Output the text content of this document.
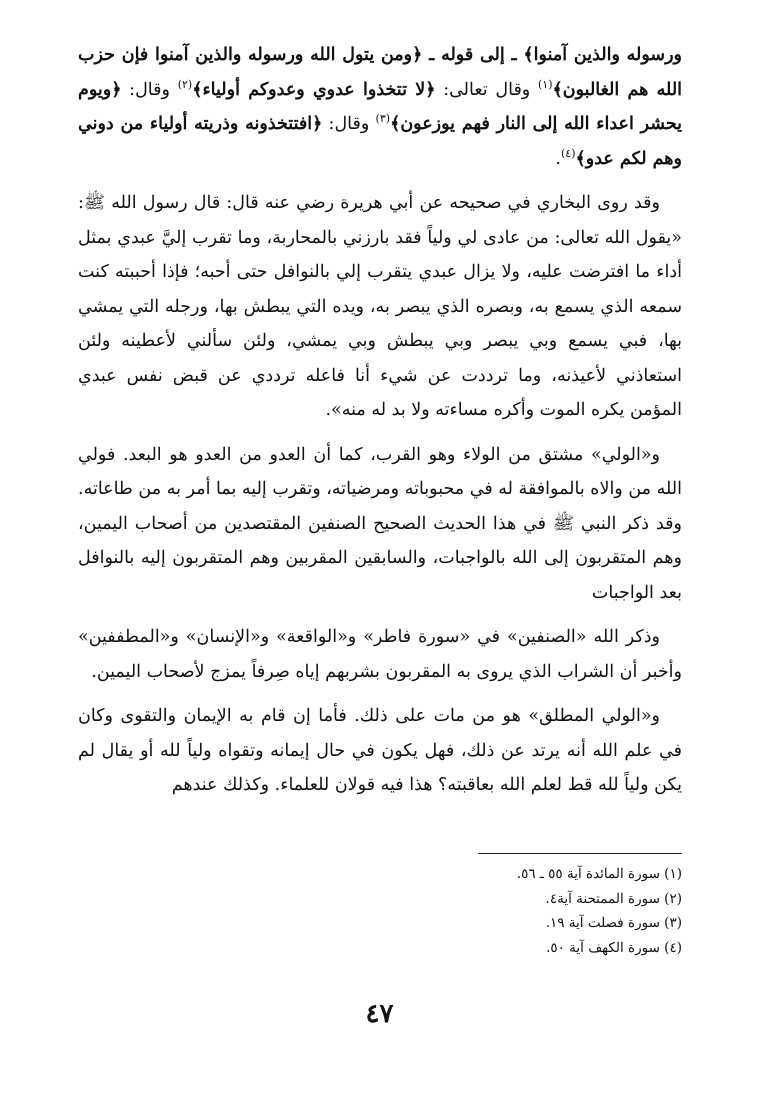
ورسوله والذين آمنوا﴾ ـ إلى قوله ـ ﴿ومن يتول الله ورسوله والذين آمنوا فإن حزب الله هم الغالبون﴾$^{(١)}$ وقال تعالى: ﴿لا تتخذوا عدوي وعدوكم أولياء﴾$^{(٢)}$ وقال: ﴿ويوم يحشر اعداء الله إلى النار فهم يوزعون﴾$^{(٣)}$ وقال: ﴿افتتخذونه وذريته أولياء من دوني وهم لكم عدو﴾$^{(٤)}$.

وقد روى البخاري في صحيحه عن أبي هريرة رضي عنه قال: قال رسول الله ﷺ: «يقول الله تعالى: من عادى لي ولياً فقد بارزني بالمحاربة، وما تقرب إليَّ عبدي بمثل أداء ما افترضت عليه، ولا يزال عبدي يتقرب إلي بالنوافل حتى أحبه؛ فإذا أحببته كنت سمعه الذي يسمع به، وبصره الذي يبصر به، ويده التي يبطش بها، ورجله التي يمشي بها، فبي يسمع وبي يبصر وبي يبطش وبي يمشي، ولئن سألني لأعطينه ولئن استعاذني لأعيذنه، وما ترددت عن شيء أنا فاعله ترددي عن قبض نفس عبدي المؤمن يكره الموت وأكره مساءته ولا بد له منه».

و«الولي» مشتق من الولاء وهو القرب، كما أن العدو من العدو هو البعد. فولي الله من والاه بالموافقة له في محبوباته ومرضياته، وتقرب إليه بما أمر به من طاعاته. وقد ذكر النبي ﷺ في هذا الحديث الصحيح الصنفين المقتصدين من أصحاب اليمين، وهم المتقربون إلى الله بالواجبات، والسابقين المقربين وهم المتقربون إليه بالنوافل بعد الواجبات

وذكر الله «الصنفين» في «سورة فاطر» و«الواقعة» و«الإنسان» و«المطففين» وأخبر أن الشراب الذي يروى به المقربون بشربهم إياه صِرفاً يمزج لأصحاب اليمين.

و«الولي المطلق» هو من مات على ذلك. فأما إن قام به الإيمان والتقوى وكان في علم الله أنه يرتد عن ذلك، فهل يكون في حال إيمانه وتقواه ولياً لله أو يقال لم يكن ولياً لله قط لعلم الله بعاقبته؟ هذا فيه قولان للعلماء. وكذلك عندهم

(١) سورة المائدة آية ٥٥ ـ ٥٦.
(٢) سورة الممتحنة آية٤.
(٣) سورة فصلت آية ١٩.
(٤) سورة الكهف آية ٥٠.
٤٧
